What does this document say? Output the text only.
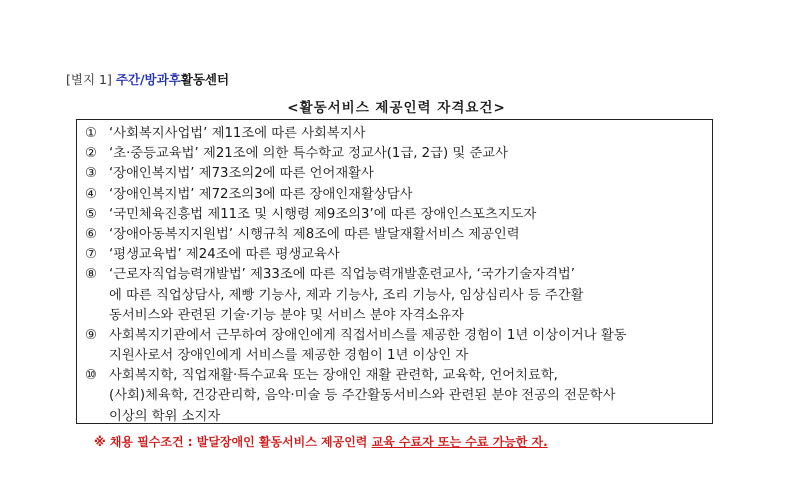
[별지 1] 주간/방과후활동센터
<활동서비스 제공인력 자격요건>
① ‘사회복지사업법’ 제11조에 따른 사회복지사
② ‘초·중등교육법’ 제21조에 의한 특수학교 정교사(1급, 2급) 및 준교사
③ ‘장애인복지법’ 제73조의2에 따른 언어재활사
④ ‘장애인복지법’ 제72조의3에 따른 장애인재활상담사
⑤ ‘국민체육진흥법 제11조 및 시행령 제9조의3’에 따른 장애인스포츠지도자
⑥ ‘장애아동복지지원법’ 시행규칙 제8조에 따른 발달재활서비스 제공인력
⑦ ‘평생교육법’ 제24조에 따른 평생교육사
⑧ ‘근로자직업능력개발법’ 제33조에 따른 직업능력개발훈련교사, ‘국가기술자격법’
에 따른 직업상담사, 제빵 기능사, 제과 기능사, 조리 기능사, 임상심리사 등 주간활
동서비스와 관련된 기술·기능 분야 및 서비스 분야 자격소유자
⑨ 사회복지기관에서 근무하여 장애인에게 직접서비스를 제공한 경험이 1년 이상이거나 활동
지원사로서 장애인에게 서비스를 제공한 경험이 1년 이상인 자
⑩ 사회복지학, 직업재활·특수교육 또는 장애인 재활 관련학, 교육학, 언어치료학,
(사회)체육학, 건강관리학, 음악·미술 등 주간활동서비스와 관련된 분야 전공의 전문학사
이상의 학위 소지자
※ 채용 필수조건 : 발달장애인 활동서비스 제공인력 교육 수료자 또는 수료 가능한 자.
